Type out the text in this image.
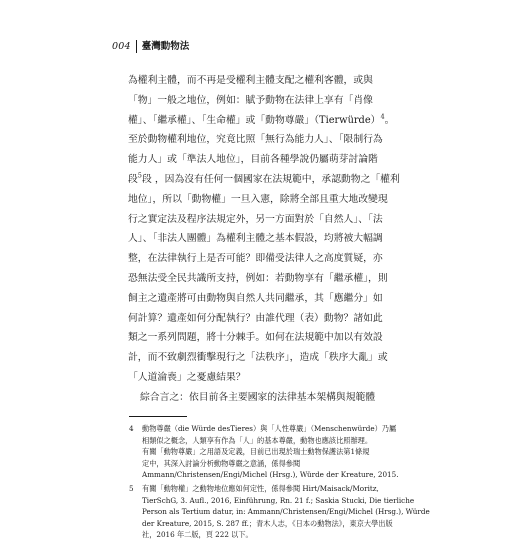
004 臺灣動物法
為權利主體，而不再是受權利主體支配之權利客體，或與
「物」一般之地位，例如：賦予動物在法律上享有「肖像
權」、「繼承權」、「生命權」或「動物尊嚴」（Tierwürde）$^4$。
至於動物權利地位，究竟比照「無行為能力人」、「限制行為
能力人」或「準法人地位」，目前各種學說仍屬萌芽討論階
段$^5$段 ，因為沒有任何一個國家在法規範中，承認動物之「權利
地位」，所以「動物權」一旦入憲，除將全部且重大地改變現
行之實定法及程序法規定外，另一方面對於「自然人」、「法
人」、「非法人團體」為權利主體之基本假設，均將被大幅調
整，在法律執行上是否可能？即備受法律人之高度質疑，亦
恐無法受全民共識所支持，例如：若動物享有「繼承權」，則
飼主之遺產將可由動物與自然人共同繼承，其「應繼分」如
何計算？遺產如何分配執行？由誰代理（表）動物？諸如此
類之一系列問題，將十分棘手。如何在法規範中加以有效設
計，而不致劇烈衝擊現行之「法秩序」，造成「秩序大亂」或
「人道淪喪」之憂慮結果？
綜合言之：依目前各主要國家的法律基本架構與規範體
4	動物尊嚴（die Würde desTieres）與「人性尊嚴」（Menschenwürde）乃屬
相類似之概念，人類享有作為「人」的基本尊嚴，動物也應該比照辦理。
有關「動物尊嚴」之用語及定義，目前已出現於瑞士動物保護法第1條規
定中，其深入討論分析動物尊嚴之意涵，係得參閱
Ammann/Christensen/Engi/Michel (Hrsg.), Würde der Kreature, 2015.
5	有關「動物權」之動物地位應如何定性，係得參閱 Hirt/Maisack/Moritz,
TierSchG, 3. Aufl., 2016, Einführung, Rn. 21 f.; Saskia Stucki, Die tierliche
Person als Tertium datur, in: Ammann/Christensen/Engi/Michel (Hrsg.), Würde
der Kreature, 2015, S. 287 ff.；青木人志，《日本の動物法》，東京大學出版
社，2016 年二版，頁 222 以下。
